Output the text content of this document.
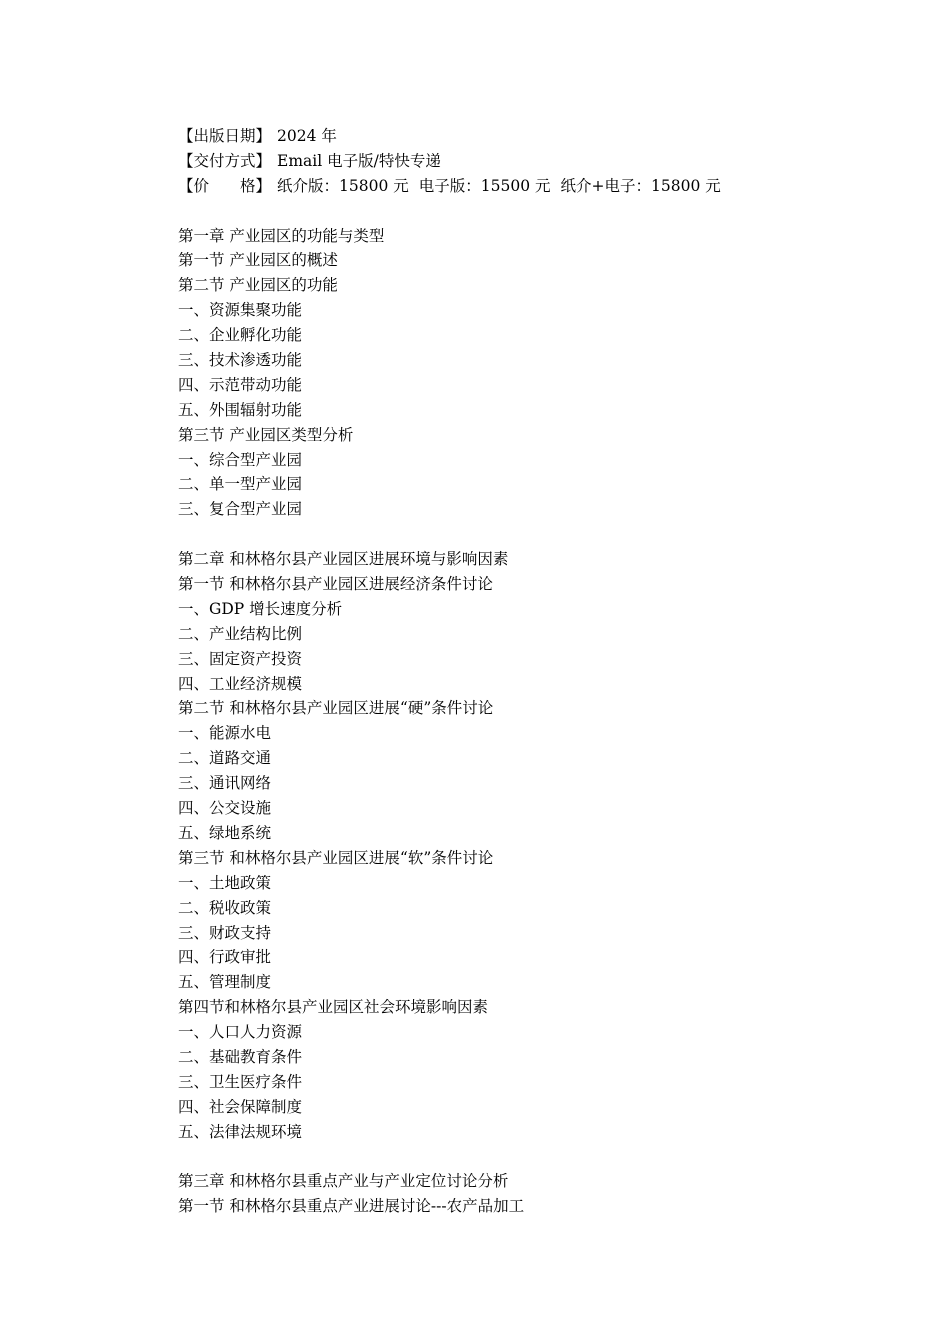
【出版日期】 2024 年
【交付方式】 Email 电子版/特快专递
【价　　格】 纸介版：15800 元 电子版：15500 元 纸介+电子：15800 元
第一章 产业园区的功能与类型
第一节 产业园区的概述
第二节 产业园区的功能
一、资源集聚功能
二、企业孵化功能
三、技术渗透功能
四、示范带动功能
五、外围辐射功能
第三节 产业园区类型分析
一、综合型产业园
二、单一型产业园
三、复合型产业园
第二章 和林格尔县产业园区进展环境与影响因素
第一节 和林格尔县产业园区进展经济条件讨论
一、GDP 增长速度分析
二、产业结构比例
三、固定资产投资
四、工业经济规模
第二节 和林格尔县产业园区进展“硬”条件讨论
一、能源水电
二、道路交通
三、通讯网络
四、公交设施
五、绿地系统
第三节 和林格尔县产业园区进展“软”条件讨论
一、土地政策
二、税收政策
三、财政支持
四、行政审批
五、管理制度
第四节和林格尔县产业园区社会环境影响因素
一、人口人力资源
二、基础教育条件
三、卫生医疗条件
四、社会保障制度
五、法律法规环境
第三章 和林格尔县重点产业与产业定位讨论分析
第一节 和林格尔县重点产业进展讨论---农产品加工
